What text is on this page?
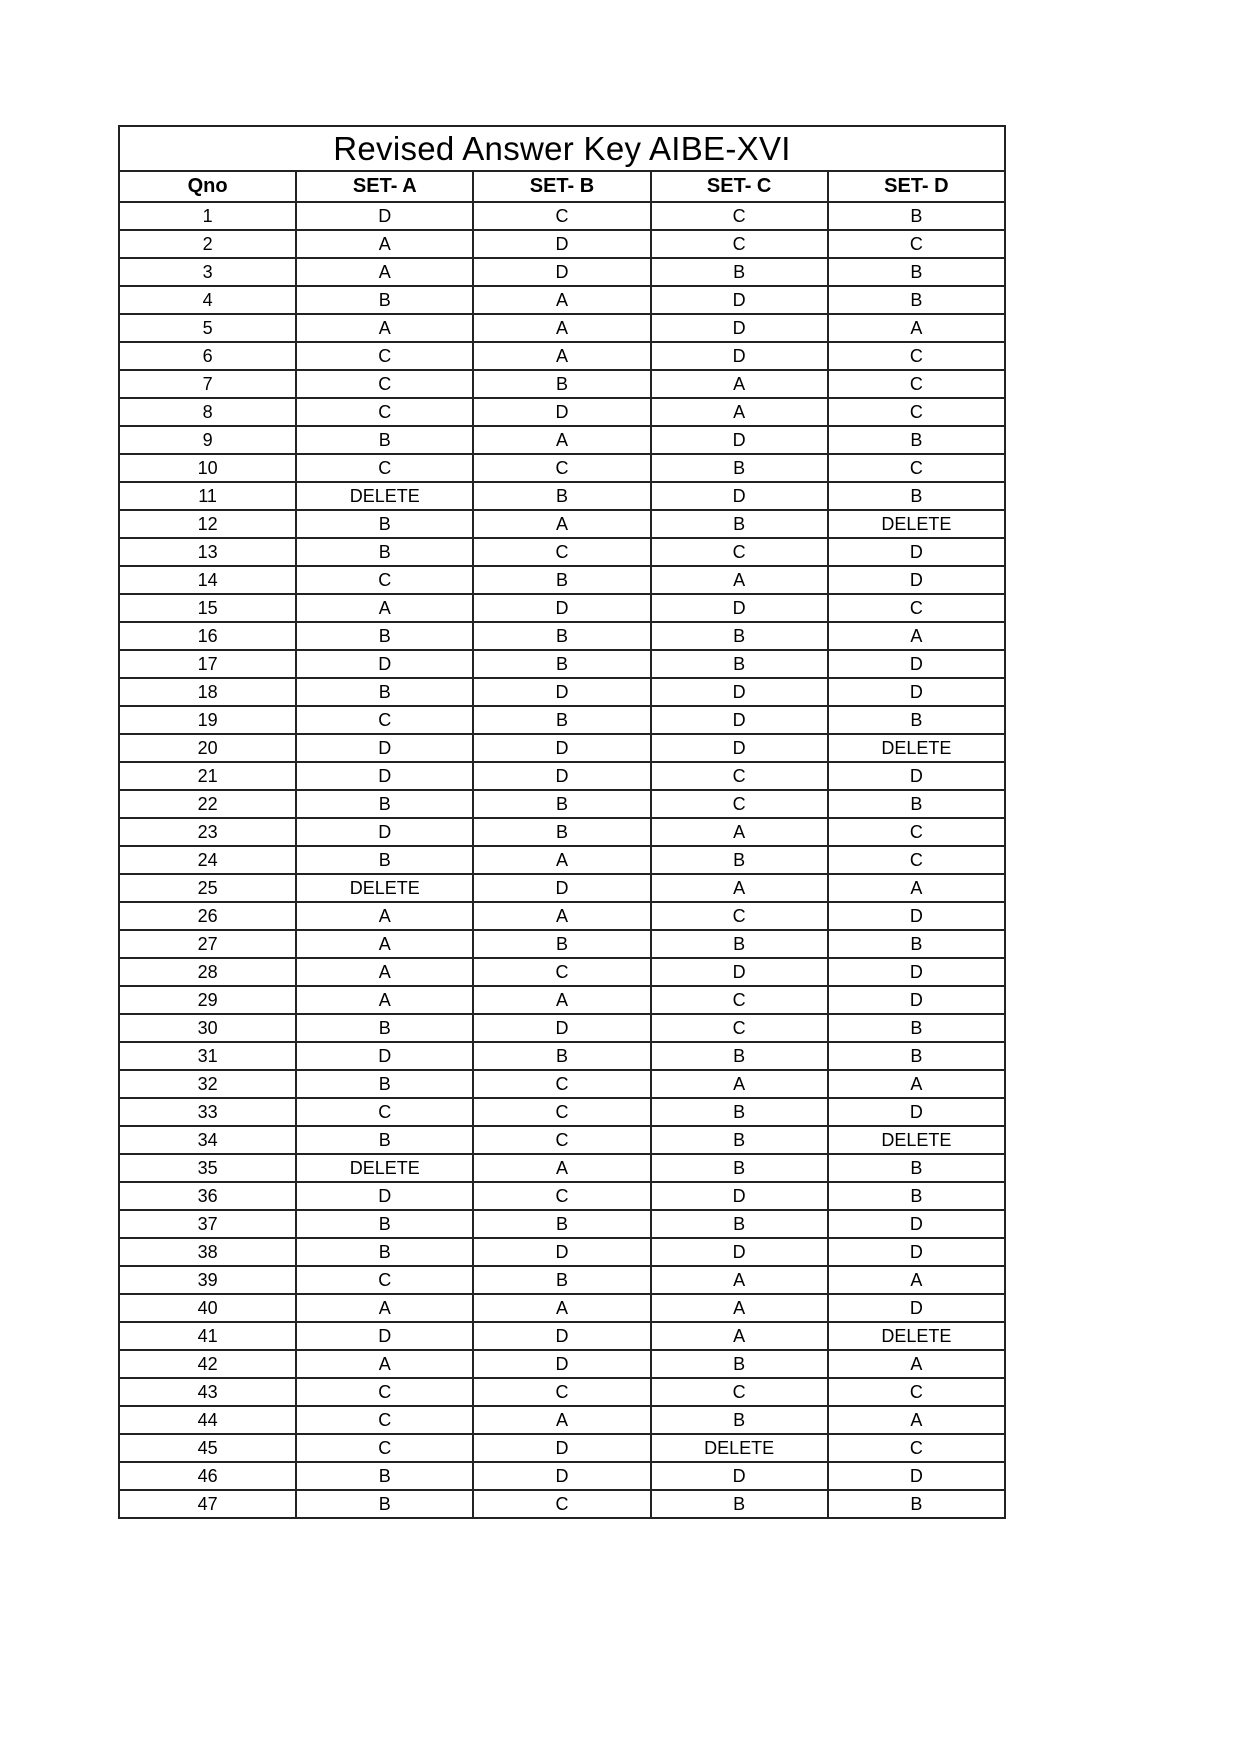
Revised Answer Key AIBE-XVI				
Qno	SET- A	SET- B	SET- C	SET- D
1	D	C	C	B
2	A	D	C	C
3	A	D	B	B
4	B	A	D	B
5	A	A	D	A
6	C	A	D	C
7	C	B	A	C
8	C	D	A	C
9	B	A	D	B
10	C	C	B	C
11	DELETE	B	D	B
12	B	A	B	DELETE
13	B	C	C	D
14	C	B	A	D
15	A	D	D	C
16	B	B	B	A
17	D	B	B	D
18	B	D	D	D
19	C	B	D	B
20	D	D	D	DELETE
21	D	D	C	D
22	B	B	C	B
23	D	B	A	C
24	B	A	B	C
25	DELETE	D	A	A
26	A	A	C	D
27	A	B	B	B
28	A	C	D	D
29	A	A	C	D
30	B	D	C	B
31	D	B	B	B
32	B	C	A	A
33	C	C	B	D
34	B	C	B	DELETE
35	DELETE	A	B	B
36	D	C	D	B
37	B	B	B	D
38	B	D	D	D
39	C	B	A	A
40	A	A	A	D
41	D	D	A	DELETE
42	A	D	B	A
43	C	C	C	C
44	C	A	B	A
45	C	D	DELETE	C
46	B	D	D	D
47	B	C	B	B
